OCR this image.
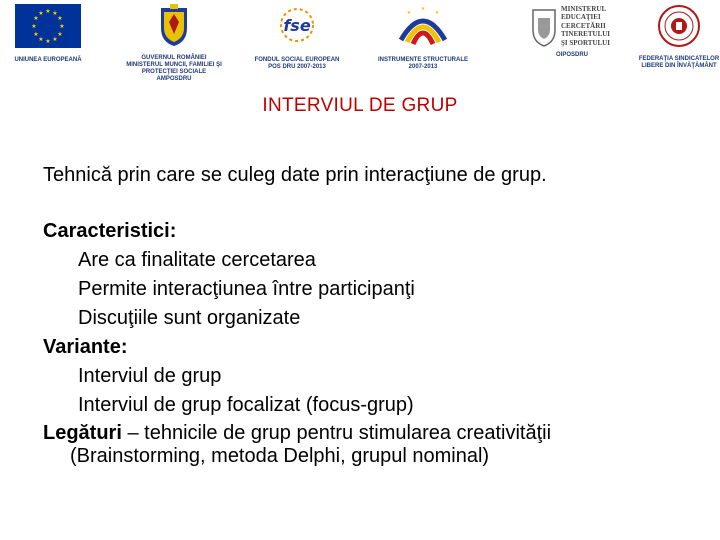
★ ★
★
★
★
★
★
★
★
★
★
★
UNIUNEA EUROPEANĂ	GUVERNUL ROMÂNIEI
MINISTERUL MUNCII, FAMILIEI ŞI
PROTECŢIEI SOCIALE
AMPOSDRU
fse
FONDUL SOCIAL EUROPEAN
POS DRU 2007-2013
★
★
★
INSTRUMENTE STRUCTURALE
2007-2013
MINISTERUL
EDUCAŢIEI
CERCETĂRII
TINERETULUI
ŞI SPORTULUI
OIPOSDRU
FEDERAŢIA SINDICATELOR
LIBERE DIN ÎNVĂŢĂMÂNT
INTERVIUL DE GRUP
Tehnică prin care se culeg date prin interacţiune de grup.
Caracteristici:
Are ca finalitate cercetarea
Permite interacţiunea între participanţi
Discuţiile sunt organizate
Variante:
Interviul de grup
Interviul de grup focalizat (focus-grup)
Legături – tehnicile de grup pentru stimularea creativităţii
(Brainstorming, metoda Delphi, grupul nominal)
